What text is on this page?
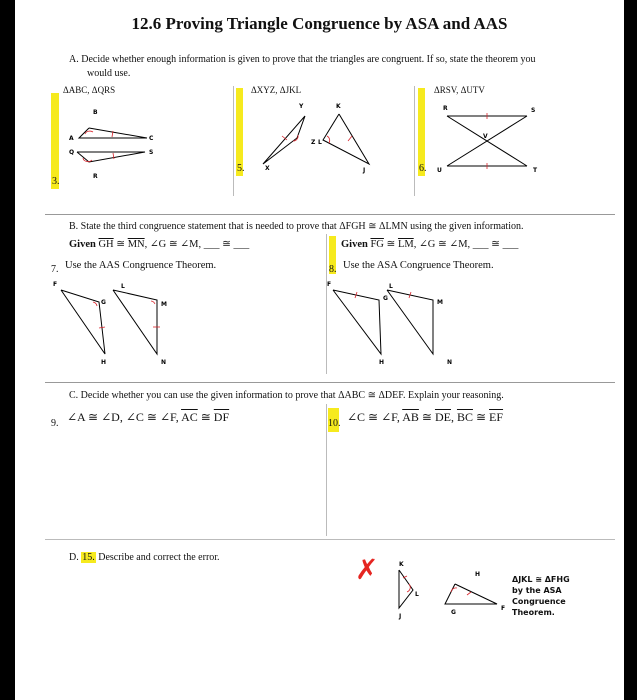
12.6 Proving Triangle Congruence by ASA and AAS
A. Decide whether enough information is given to prove that the triangles are congruent. If so, state the theorem you
would use.
3.
ΔABC, ΔQRS
5.
ΔXYZ, ΔJKL
6.
ΔRSV, ΔUTV
B
A	C
Q	S
R
Y	K
Z L
X	J
R	S
V
U	T
B. State the third congruence statement that is needed to prove that ΔFGH ≅ ΔLMN using the given information.
Given $\overline{GH}$ ≅ $\overline{MN}$, ∠G ≅ ∠M, ___ ≅ ___
7. Use the AAS Congruence Theorem.
Given $\overline{FG}$ ≅ $\overline{LM}$, ∠G ≅ ∠M, ___ ≅ ___
8. Use the ASA Congruence Theorem.
F
G
H
L
M
N
F
G
H
L
M
N
C. Decide whether you can use the given information to prove that ΔABC ≅ ΔDEF. Explain your reasoning.
9. ∠A ≅ ∠D, ∠C ≅ ∠F, $\overline{AC}$ ≅ $\overline{DF}$	10. ∠C ≅ ∠F, $\overline{AB}$ ≅ $\overline{DE}$, $\overline{BC}$ ≅ $\overline{EF}$
D. 15. Describe and correct the error.	✗	K
L
J
H
G
F
ΔJKL ≅ ΔFHG
by the ASA
Congruence
Theorem.
